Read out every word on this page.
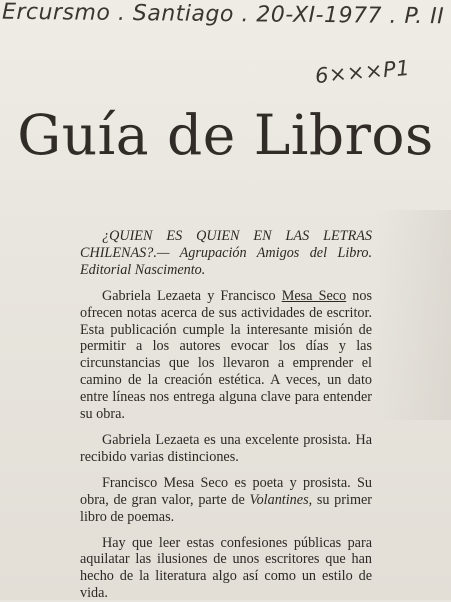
Ercursmo . Santiago . 20-XI-1977 . P. II
6×××P1
Guía de Libros

¿QUIEN ES QUIEN EN LAS LETRAS CHILENAS?.— Agrupación Amigos del Libro. Editorial Nascimento.

Gabriela Lezaeta y Francisco Mesa Seco nos ofrecen notas acerca de sus actividades de escritor. Esta publicación cumple la interesante misión de permitir a los autores evocar los días y las circunstancias que los llevaron a emprender el camino de la creación estética. A veces, un dato entre líneas nos entrega alguna clave para entender su obra.

Gabriela Lezaeta es una excelente prosista. Ha recibido varias distinciones.

Francisco Mesa Seco es poeta y prosista. Su obra, de gran valor, parte de Volantines, su primer libro de poemas.

Hay que leer estas confesiones públicas para aquilatar las ilusiones de unos escritores que han hecho de la literatura algo así como un estilo de vida.
